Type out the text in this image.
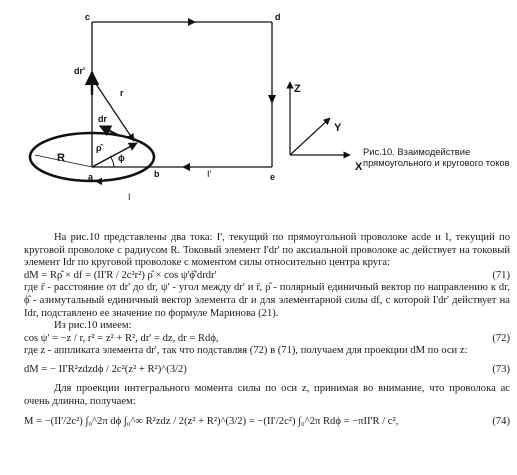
c	d
a	b	e
dr'
r
dr
ρ̂
ϕ
R
I'
I
Z
Y
X
Рис.10. Взаимодействие прямоугольного и кругового токов

На рис.10 представлены два тока: I', текущий по прямоугольной проволоке acde и I, текущий по круговой проволоке с радиусом R. Токовый элемент I'dr' по аксиальной проволоке ac действует на токовый элемент Idr по круговой проволоке с моментом силы относительно центра круга:

dM = Rρ̂ × df = (II'R / 2c²r²) ρ̂ × cos ψ'ϕ̂'drdr'	(71)

где r̄ - расстояние от dr' до dr, ψ' - угол между dr' и r̄, ρ̂ - полярный единичный вектор по направлению к dr, ϕ̂ - азимутальный единичный вектор элемента dr и для элементарной силы df, с которой I'dr' действует на Idr, подставлено ее значение по формуле Маринова (21).

Из рис.10 имеем:

cos ψ' = −z / r, r² = z² + R², dr' = dz, dr = Rdϕ,	(72)

где z - аппликата элемента dr', так что подставляя (72) в (71), получаем для проекции dM по оси z:

dM = − II'R²zdzdϕ / 2c²(z² + R²)^(3/2)	(73)

Для проекции интегрального момента силы по оси z, принимая во внимание, что проволока ac очень длинна, получаем:

M = −(II'/2c²) ∫₀^2π dϕ ∫₀^∞ R²zdz / 2(z² + R²)^(3/2) = −(II'/2c²) ∫₀^2π Rdϕ = −πII'R / c²,	(74)
